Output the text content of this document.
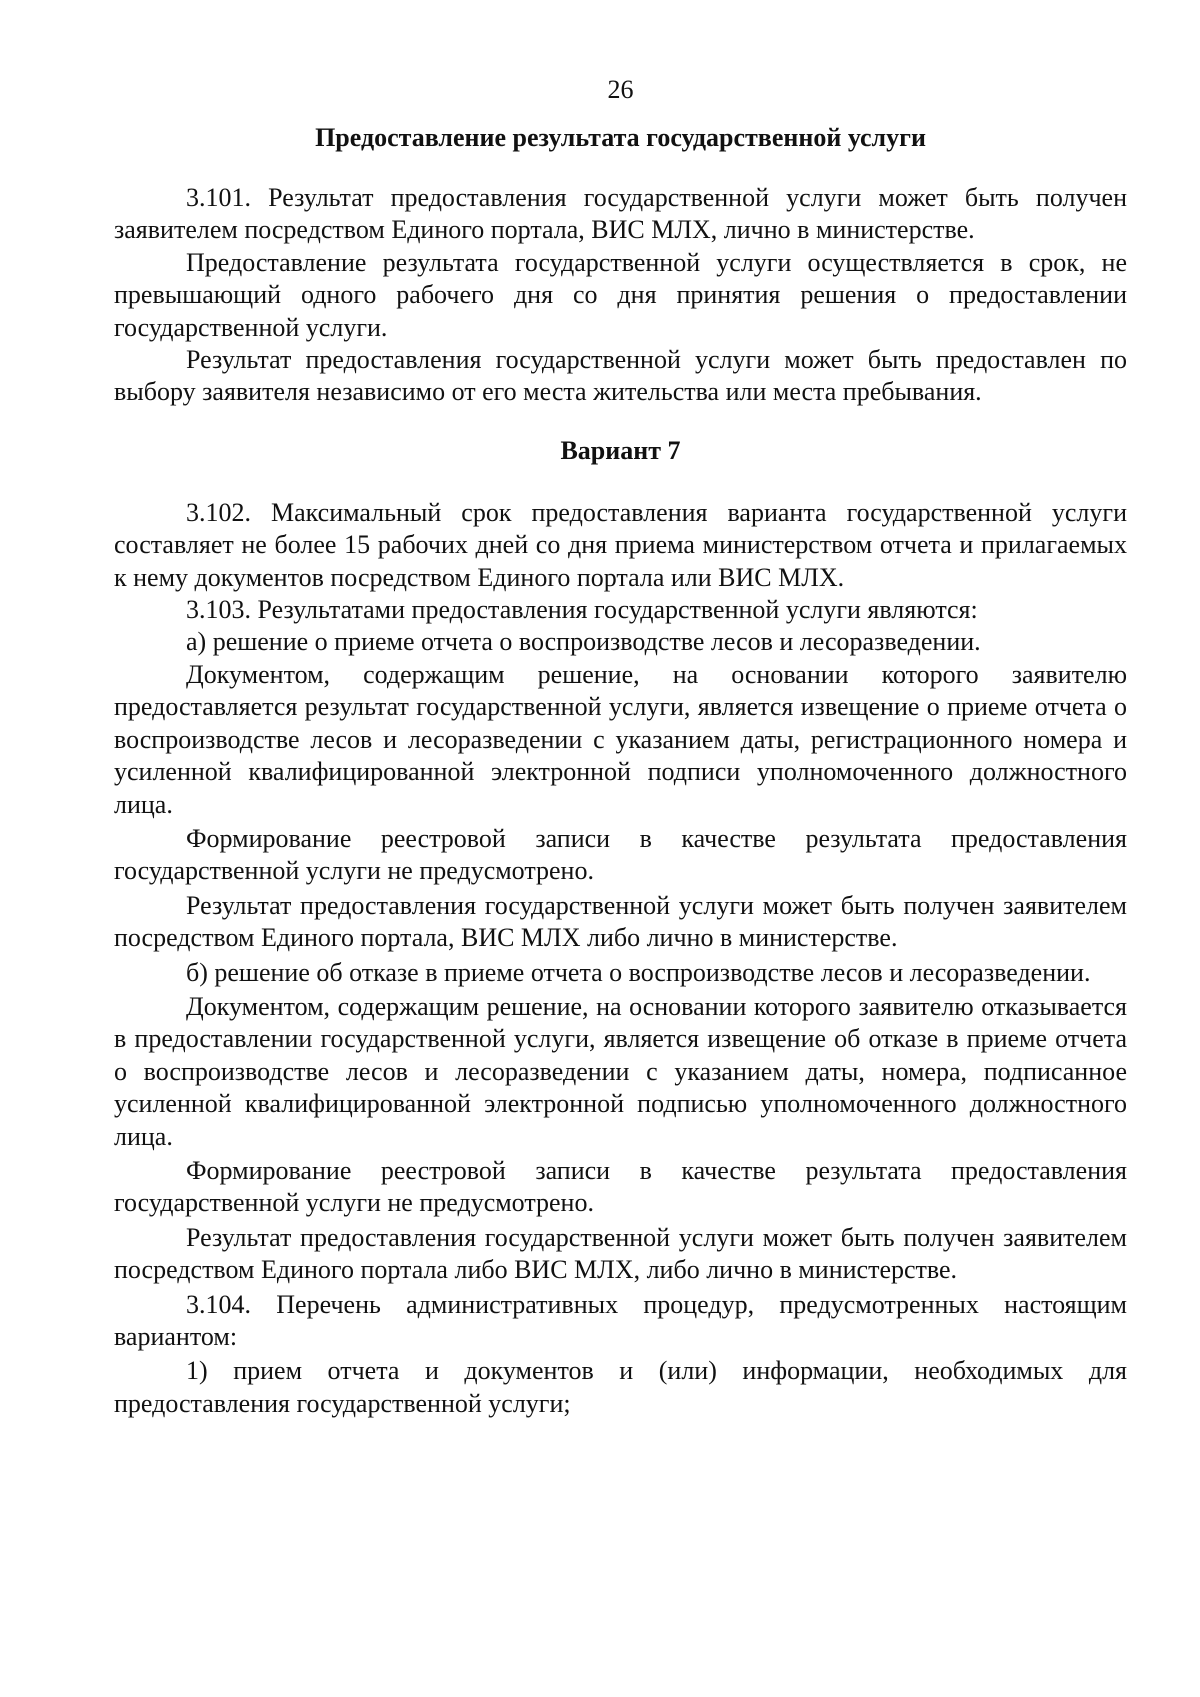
26
Предоставление результата государственной услуги

3.101. Результат предоставления государственной услуги может быть получен заявителем посредством Единого портала, ВИС МЛХ, лично в министерстве.

Предоставление результата государственной услуги осуществляется в срок, не превышающий одного рабочего дня со дня принятия решения о предоставлении государственной услуги.

Результат предоставления государственной услуги может быть предоставлен по выбору заявителя независимо от его места жительства или места пребывания.

Вариант 7

3.102. Максимальный срок предоставления варианта государственной услуги составляет не более 15 рабочих дней со дня приема министерством отчета и прилагаемых к нему документов посредством Единого портала или ВИС МЛХ.

3.103. Результатами предоставления государственной услуги являются:

а) решение о приеме отчета о воспроизводстве лесов и лесоразведении.

Документом, содержащим решение, на основании которого заявителю предоставляется результат государственной услуги, является извещение о приеме отчета о воспроизводстве лесов и лесоразведении с указанием даты, регистрационного номера и усиленной квалифицированной электронной подписи уполномоченного должностного лица.

Формирование реестровой записи в качестве результата предоставления государственной услуги не предусмотрено.

Результат предоставления государственной услуги может быть получен заявителем посредством Единого портала, ВИС МЛХ либо лично в министерстве.

б) решение об отказе в приеме отчета о воспроизводстве лесов и лесоразведении.

Документом, содержащим решение, на основании которого заявителю отказывается в предоставлении государственной услуги, является извещение об отказе в приеме отчета о воспроизводстве лесов и лесоразведении с указанием даты, номера, подписанное усиленной квалифицированной электронной подписью уполномоченного должностного лица.

Формирование реестровой записи в качестве результата предоставления государственной услуги не предусмотрено.

Результат предоставления государственной услуги может быть получен заявителем посредством Единого портала либо ВИС МЛХ, либо лично в министерстве.

3.104. Перечень административных процедур, предусмотренных настоящим вариантом:

1) прием отчета и документов и (или) информации, необходимых для предоставления государственной услуги;
